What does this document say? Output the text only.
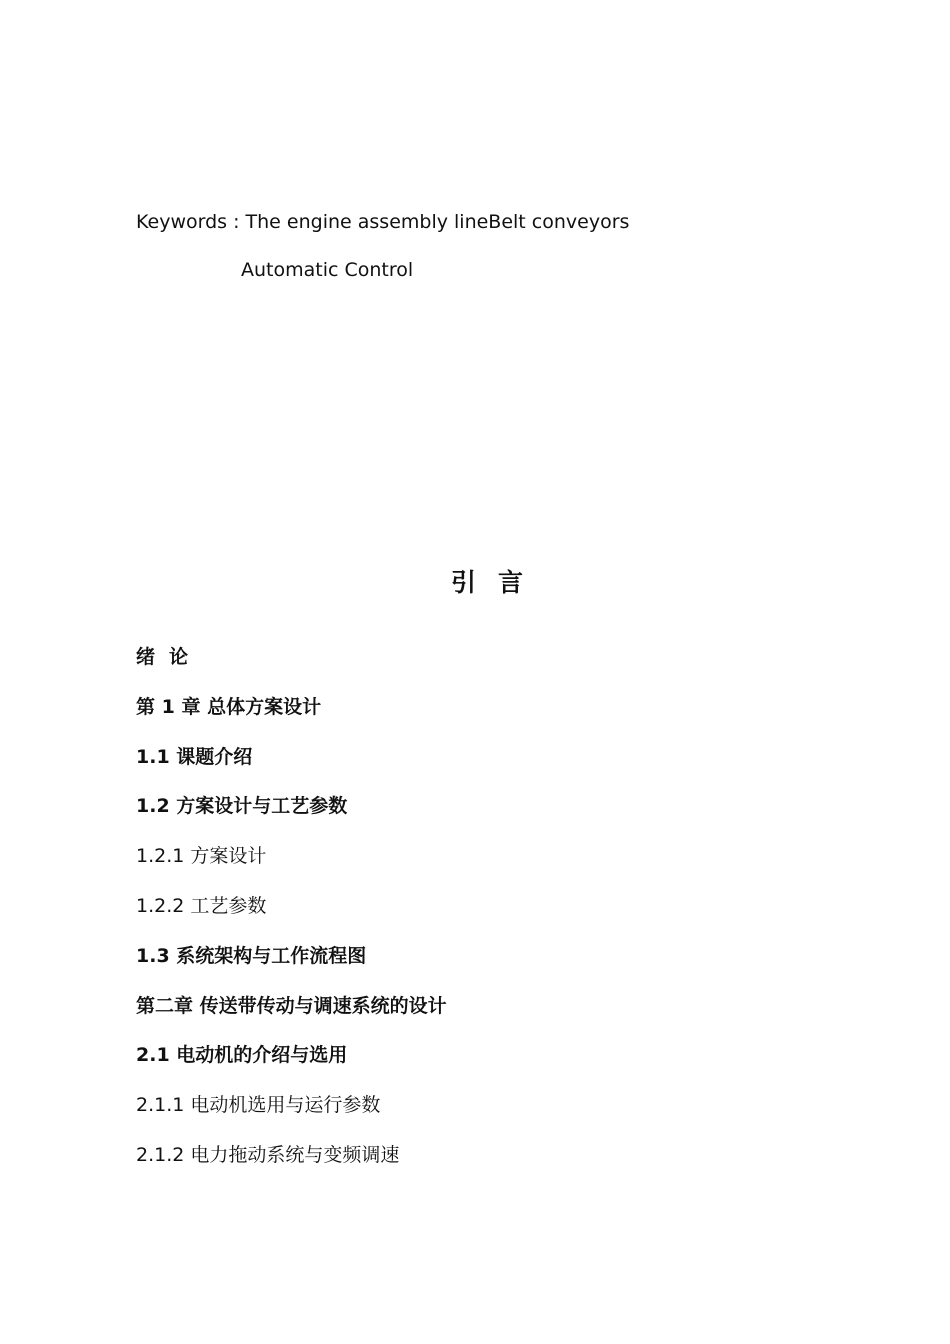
Keywords : The engine assembly lineBelt conveyors
Automatic Control
引言
绪论
第 1 章 总体方案设计
1.1 课题介绍
1.2 方案设计与工艺参数
1.2.1 方案设计
1.2.2 工艺参数
1.3 系统架构与工作流程图
第二章 传送带传动与调速系统的设计
2.1 电动机的介绍与选用
2.1.1 电动机选用与运行参数
2.1.2 电力拖动系统与变频调速
